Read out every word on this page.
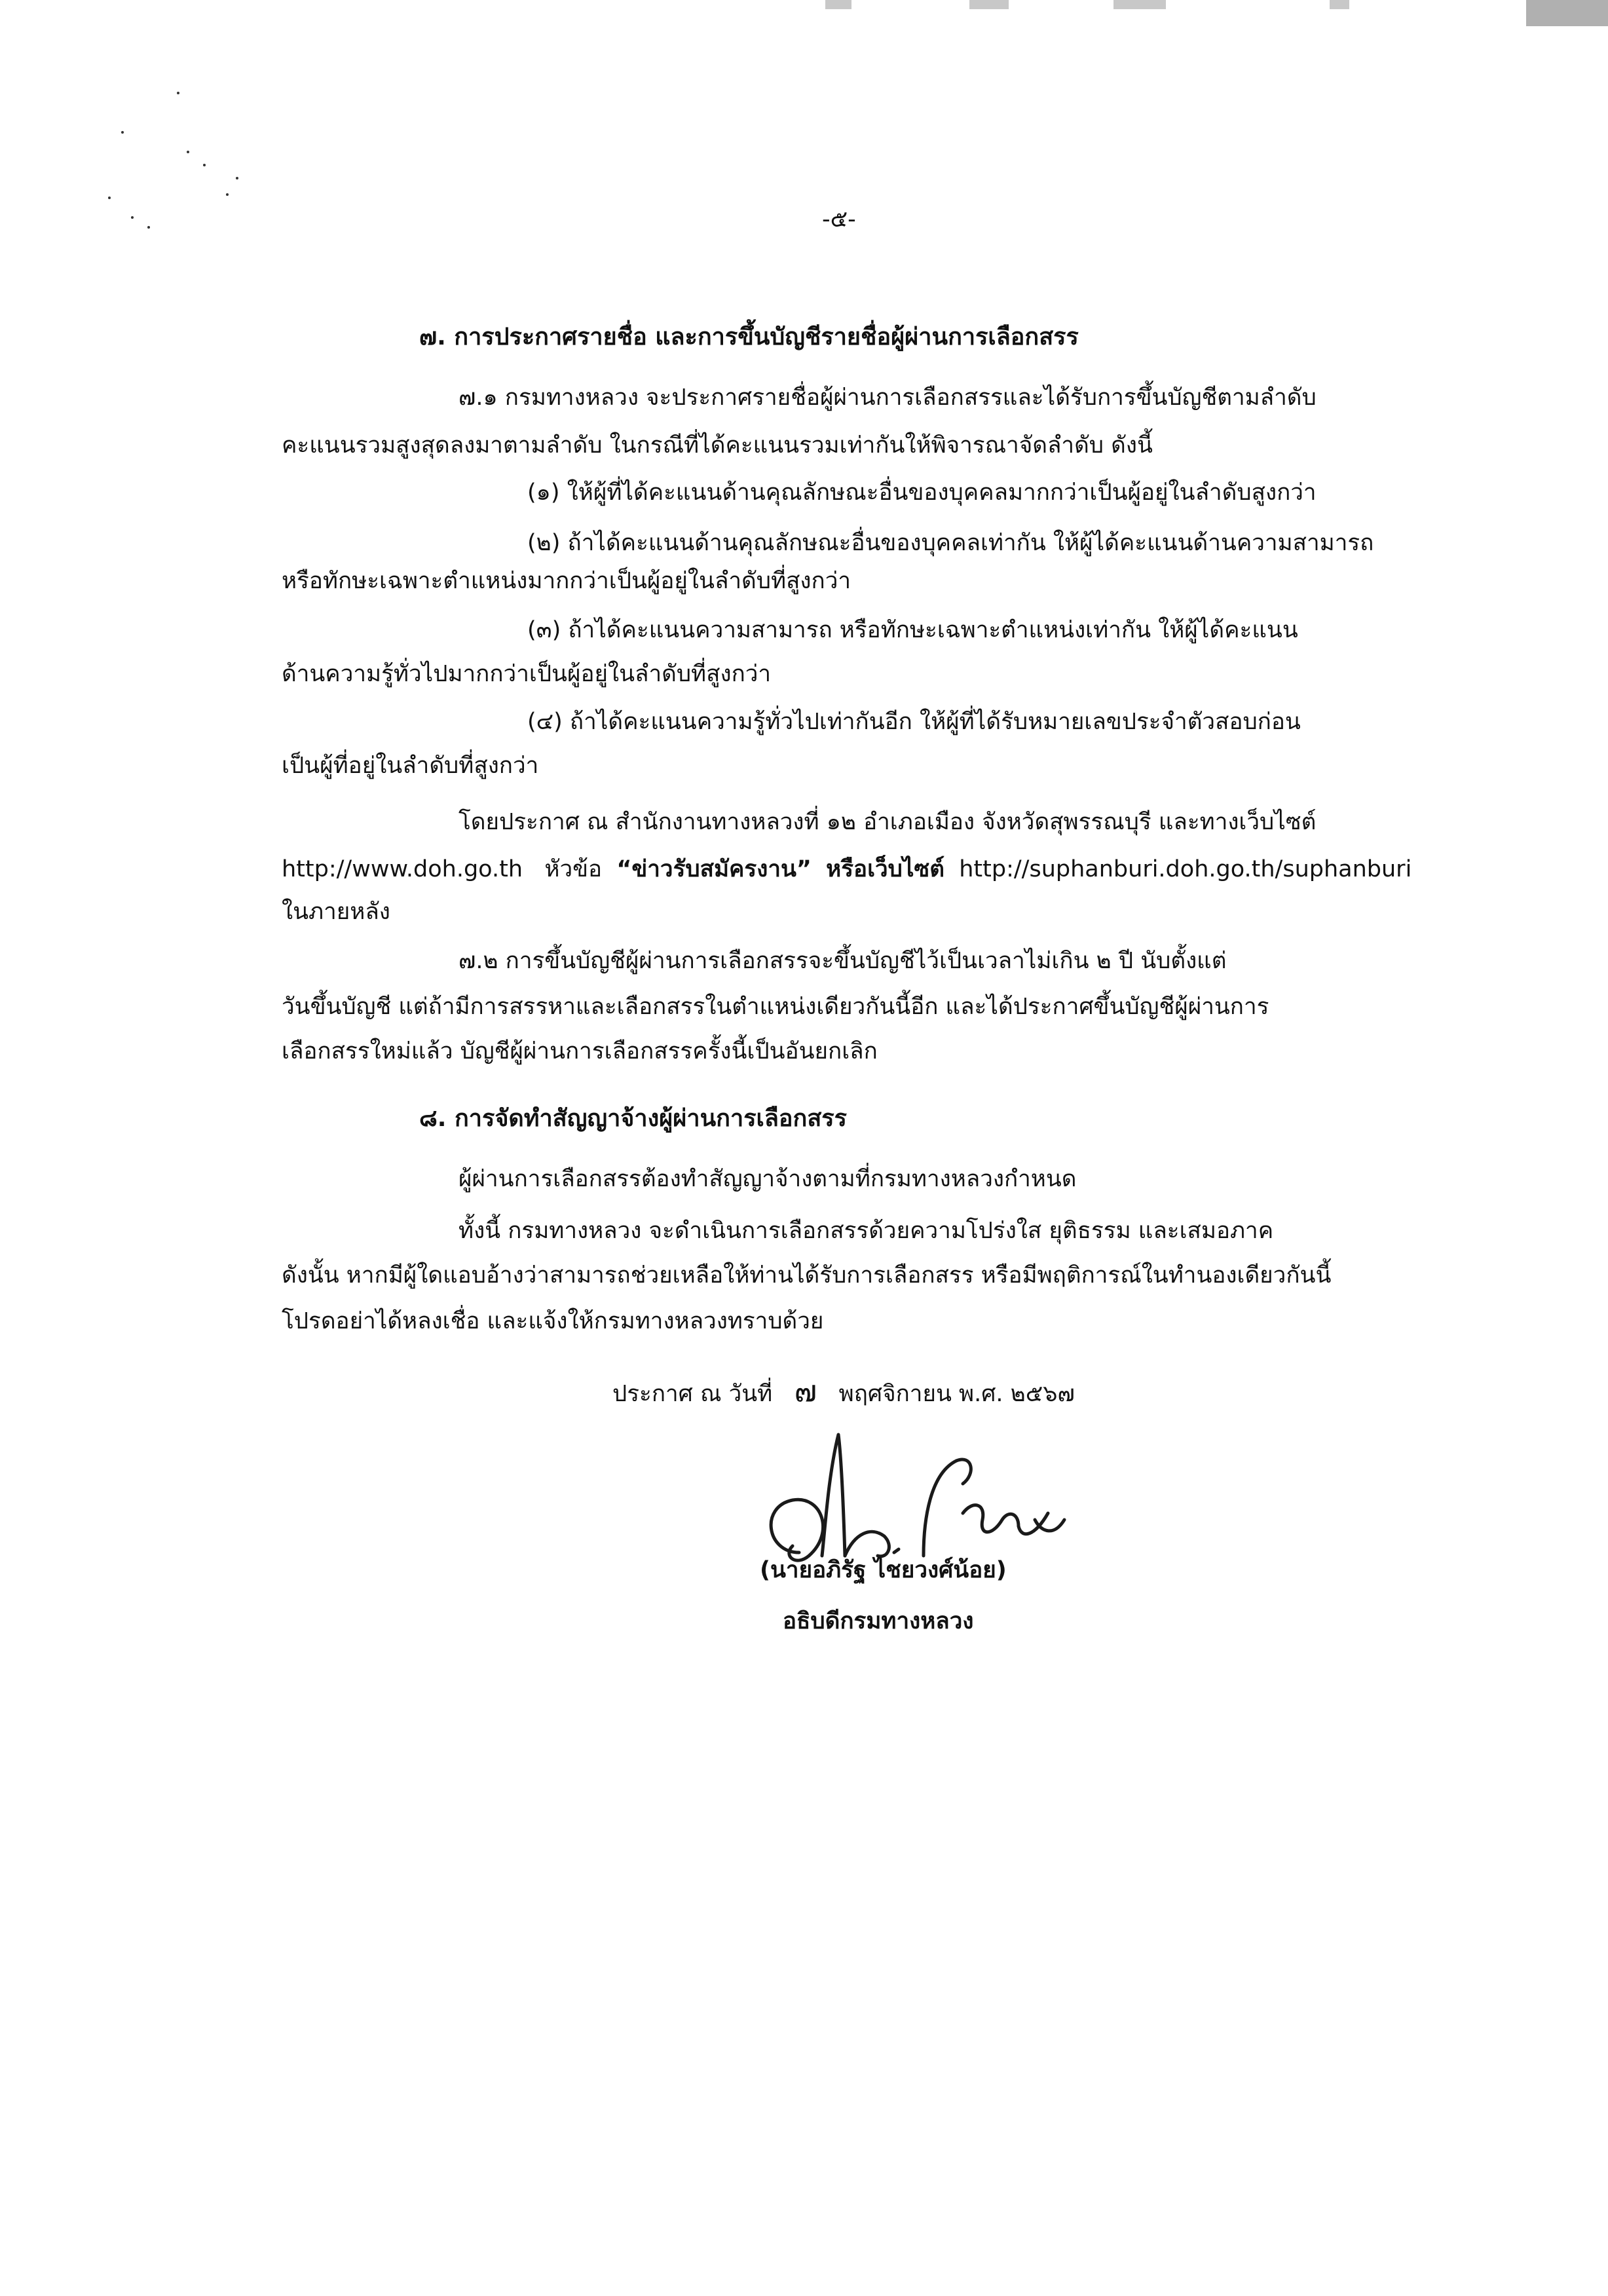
-๕-
๗. การประกาศรายชื่อ และการขึ้นบัญชีรายชื่อผู้ผ่านการเลือกสรร
๗.๑ กรมทางหลวง จะประกาศรายชื่อผู้ผ่านการเลือกสรรและได้รับการขึ้นบัญชีตามลำดับ
คะแนนรวมสูงสุดลงมาตามลำดับ ในกรณีที่ได้คะแนนรวมเท่ากันให้พิจารณาจัดลำดับ ดังนี้
(๑) ให้ผู้ที่ได้คะแนนด้านคุณลักษณะอื่นของบุคคลมากกว่าเป็นผู้อยู่ในลำดับสูงกว่า
(๒) ถ้าได้คะแนนด้านคุณลักษณะอื่นของบุคคลเท่ากัน ให้ผู้ได้คะแนนด้านความสามารถ
หรือทักษะเฉพาะตำแหน่งมากกว่าเป็นผู้อยู่ในลำดับที่สูงกว่า
(๓) ถ้าได้คะแนนความสามารถ หรือทักษะเฉพาะตำแหน่งเท่ากัน ให้ผู้ได้คะแนน
ด้านความรู้ทั่วไปมากกว่าเป็นผู้อยู่ในลำดับที่สูงกว่า
(๔) ถ้าได้คะแนนความรู้ทั่วไปเท่ากันอีก ให้ผู้ที่ได้รับหมายเลขประจำตัวสอบก่อน
เป็นผู้ที่อยู่ในลำดับที่สูงกว่า
โดยประกาศ ณ สำนักงานทางหลวงที่ ๑๒ อำเภอเมือง จังหวัดสุพรรณบุรี และทางเว็บไซต์
http://www.doh.go.th หัวข้อ “ข่าวรับสมัครงาน” หรือเว็บไซต์ http://suphanburi.doh.go.th/suphanburi
ในภายหลัง
๗.๒ การขึ้นบัญชีผู้ผ่านการเลือกสรรจะขึ้นบัญชีไว้เป็นเวลาไม่เกิน ๒ ปี นับตั้งแต่
วันขึ้นบัญชี แต่ถ้ามีการสรรหาและเลือกสรรในตำแหน่งเดียวกันนี้อีก และได้ประกาศขึ้นบัญชีผู้ผ่านการ
เลือกสรรใหม่แล้ว บัญชีผู้ผ่านการเลือกสรรครั้งนี้เป็นอันยกเลิก
๘. การจัดทำสัญญาจ้างผู้ผ่านการเลือกสรร
ผู้ผ่านการเลือกสรรต้องทำสัญญาจ้างตามที่กรมทางหลวงกำหนด
ทั้งนี้ กรมทางหลวง จะดำเนินการเลือกสรรด้วยความโปร่งใส ยุติธรรม และเสมอภาค
ดังนั้น หากมีผู้ใดแอบอ้างว่าสามารถช่วยเหลือให้ท่านได้รับการเลือกสรร หรือมีพฤติการณ์ในทำนองเดียวกันนี้
โปรดอย่าได้หลงเชื่อ และแจ้งให้กรมทางหลวงทราบด้วย
ประกาศ ณ วันที่ ๗ พฤศจิกายน พ.ศ. ๒๕๖๗
(นายอภิรัฐ ไชยวงศ์น้อย)
อธิบดีกรมทางหลวง
